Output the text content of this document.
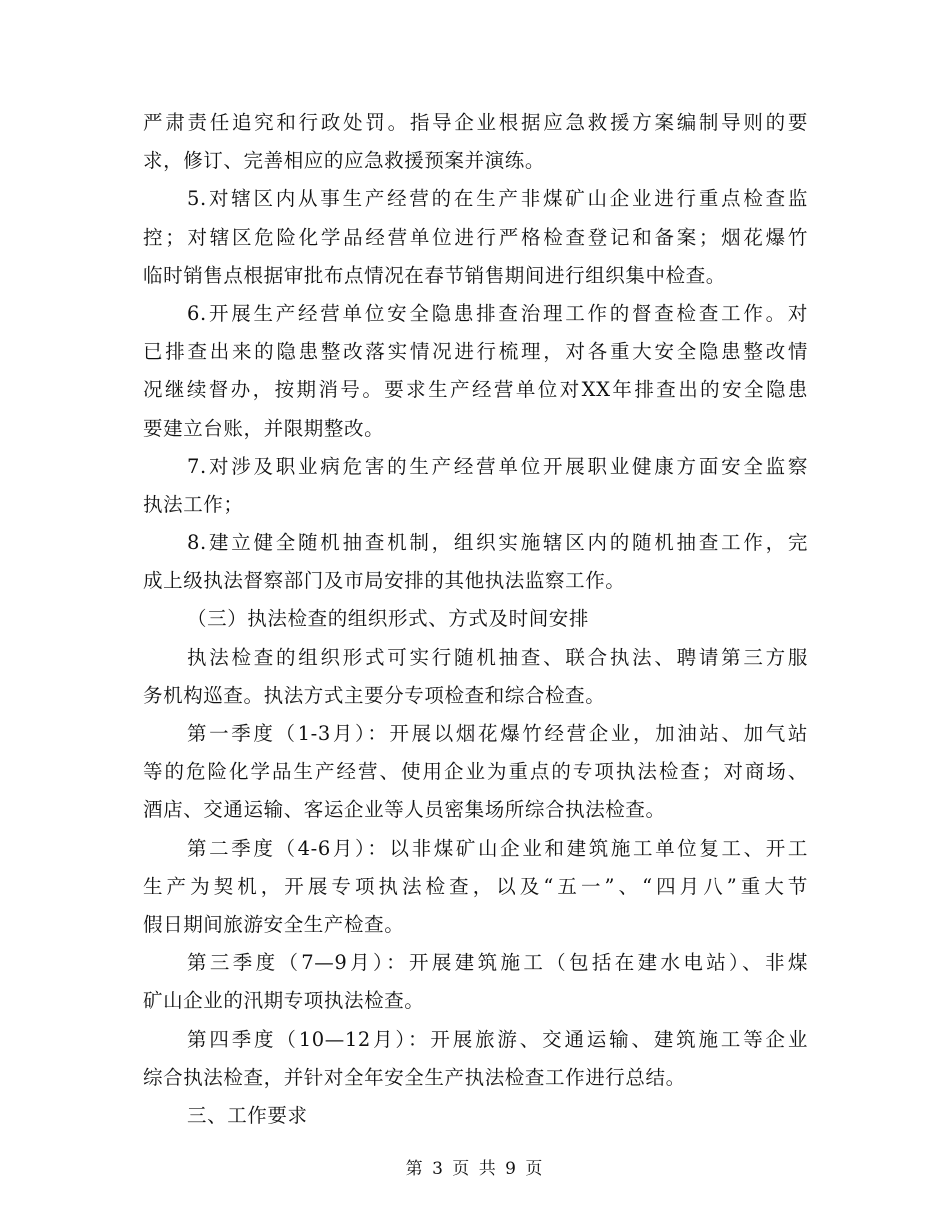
严肃责任追究和行政处罚。指导企业根据应急救援方案编制导则的要
求，修订、完善相应的应急救援预案并演练。
5.对辖区内从事生产经营的在生产非煤矿山企业进行重点检查监
控；对辖区危险化学品经营单位进行严格检查登记和备案；烟花爆竹
临时销售点根据审批布点情况在春节销售期间进行组织集中检查。
6.开展生产经营单位安全隐患排查治理工作的督查检查工作。对
已排查出来的隐患整改落实情况进行梳理，对各重大安全隐患整改情
况继续督办，按期消号。要求生产经营单位对XX年排查出的安全隐患
要建立台账，并限期整改。
7.对涉及职业病危害的生产经营单位开展职业健康方面安全监察
执法工作；
8.建立健全随机抽查机制，组织实施辖区内的随机抽查工作，完
成上级执法督察部门及市局安排的其他执法监察工作。
（三）执法检查的组织形式、方式及时间安排
执法检查的组织形式可实行随机抽查、联合执法、聘请第三方服
务机构巡查。执法方式主要分专项检查和综合检查。
第一季度（1-3月）：开展以烟花爆竹经营企业，加油站、加气站
等的危险化学品生产经营、使用企业为重点的专项执法检查；对商场、
酒店、交通运输、客运企业等人员密集场所综合执法检查。
第二季度（4-6月）：以非煤矿山企业和建筑施工单位复工、开工
生产为契机，开展专项执法检查，以及“五一”、“四月八”重大节
假日期间旅游安全生产检查。
第三季度（7—9月）：开展建筑施工（包括在建水电站）、非煤
矿山企业的汛期专项执法检查。
第四季度（10—12月）：开展旅游、交通运输、建筑施工等企业
综合执法检查，并针对全年安全生产执法检查工作进行总结。
三、工作要求
第 3 页 共 9 页
